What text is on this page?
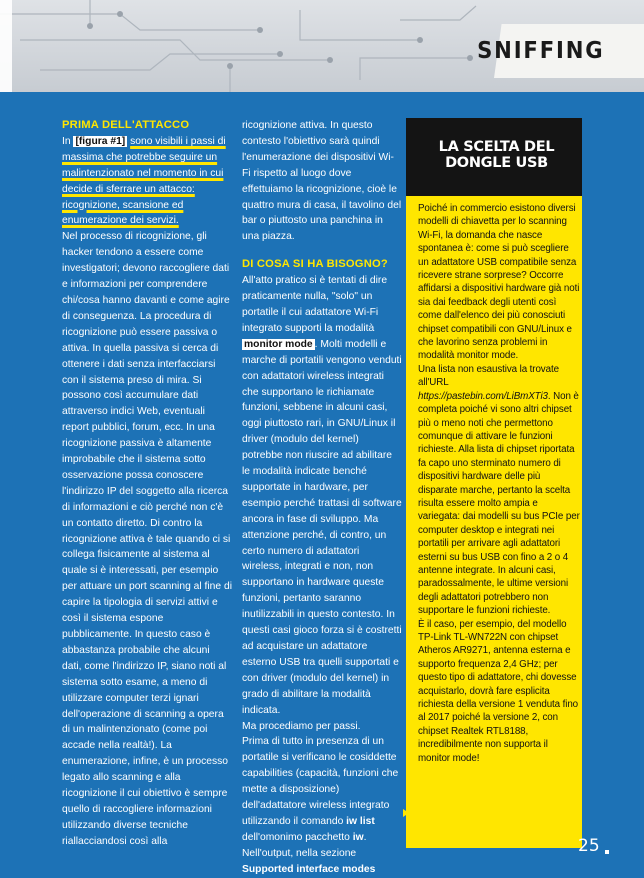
SNIFFING

PRIMA DELL'ATTACCO

In [figura #1] sono visibili i passi di massima che potrebbe seguire un malintenzionato nel momento in cui decide di sferrare un attacco: ricognizione, scansione ed enumerazione dei servizi.

Nel processo di ricognizione, gli hacker tendono a essere come investigatori; devono raccogliere dati e informazioni per comprendere chi/cosa hanno davanti e come agire di conseguenza. La procedura di ricognizione può essere passiva o attiva. In quella passiva si cerca di ottenere i dati senza interfacciarsi con il sistema preso di mira. Si possono così accumulare dati attraverso indici Web, eventuali report pubblici, forum, ecc. In una ricognizione passiva è altamente improbabile che il sistema sotto osservazione possa conoscere l'indirizzo IP del soggetto alla ricerca di informazioni e ciò perché non c'è un contatto diretto. Di contro la ricognizione attiva è tale quando ci si collega fisicamente al sistema al quale si è interessati, per esempio per attuare un port scanning al fine di capire la tipologia di servizi attivi e così il sistema espone pubblicamente. In questo caso è abbastanza probabile che alcuni dati, come l'indirizzo IP, siano noti al sistema sotto esame, a meno di utilizzare computer terzi ignari dell'operazione di scanning a opera di un malintenzionato (come poi accade nella realtà!). La enumerazione, infine, è un processo legato allo scanning e alla ricognizione il cui obiettivo è sempre quello di raccogliere informazioni utilizzando diverse tecniche riallacciandosi così alla

ricognizione attiva. In questo contesto l'obiettivo sarà quindi l'enumerazione dei dispositivi Wi-Fi rispetto al luogo dove effettuiamo la ricognizione, cioè le quattro mura di casa, il tavolino del bar o piuttosto una panchina in una piazza.

DI COSA SI HA BISOGNO?

All'atto pratico si è tentati di dire praticamente nulla, "solo" un portatile il cui adattatore Wi-Fi integrato supporti la modalità monitor mode . Molti modelli e marche di portatili vengono venduti con adattatori wireless integrati che supportano le richiamate funzioni, sebbene in alcuni casi, oggi piuttosto rari, in GNU/Linux il driver (modulo del kernel) potrebbe non riuscire ad abilitare le modalità indicate benché supportate in hardware, per esempio perché trattasi di software ancora in fase di sviluppo. Ma attenzione perché, di contro, un certo numero di adattatori wireless, integrati e non, non supportano in hardware queste funzioni, pertanto saranno inutilizzabili in questo contesto. In questi casi gioco forza si è costretti ad acquistare un adattatore esterno USB tra quelli supportati e con driver (modulo del kernel) in grado di abilitare la modalità indicata.

Ma procediamo per passi.

Prima di tutto in presenza di un portatile si verificano le cosiddette capabilities (capacità, funzioni che mette a disposizione) dell'adattatore wireless integrato utilizzando il comando iw list dell'omonimo pacchetto iw. Nell'output, nella sezione

Supported interface modes

LA SCELTA DEL DONGLE USB

Poiché in commercio esistono diversi modelli di chiavetta per lo scanning Wi-Fi, la domanda che nasce spontanea è: come si può scegliere un adattatore USB compatibile senza ricevere strane sorprese? Occorre affidarsi a dispositivi hardware già noti sia dai feedback degli utenti così come dall'elenco dei più conosciuti chipset compatibili con GNU/Linux e che lavorino senza problemi in modalità monitor mode.

Una lista non esaustiva la trovate all'URL https://pastebin.com/LiBmXTi3. Non è completa poiché vi sono altri chipset più o meno noti che permettono comunque di attivare le funzioni richieste. Alla lista di chipset riportata fa capo uno sterminato numero di dispositivi hardware delle più disparate marche, pertanto la scelta risulta essere molto ampia e variegata: dai modelli su bus PCIe per computer desktop e integrati nei portatili per arrivare agli adattatori esterni su bus USB con fino a 2 o 4 antenne integrate. In alcuni casi, paradossalmente, le ultime versioni degli adattatori potrebbero non supportare le funzioni richieste.

È il caso, per esempio, del modello TP-Link TL-WN722N con chipset Atheros AR9271, antenna esterna e supporto frequenza 2,4 GHz; per questo tipo di adattatore, chi dovesse acquistarlo, dovrà fare esplicita richiesta della versione 1 venduta fino al 2017 poiché la versione 2, con chipset Realtek RTL8188, incredibilmente non supporta il monitor mode!

25
